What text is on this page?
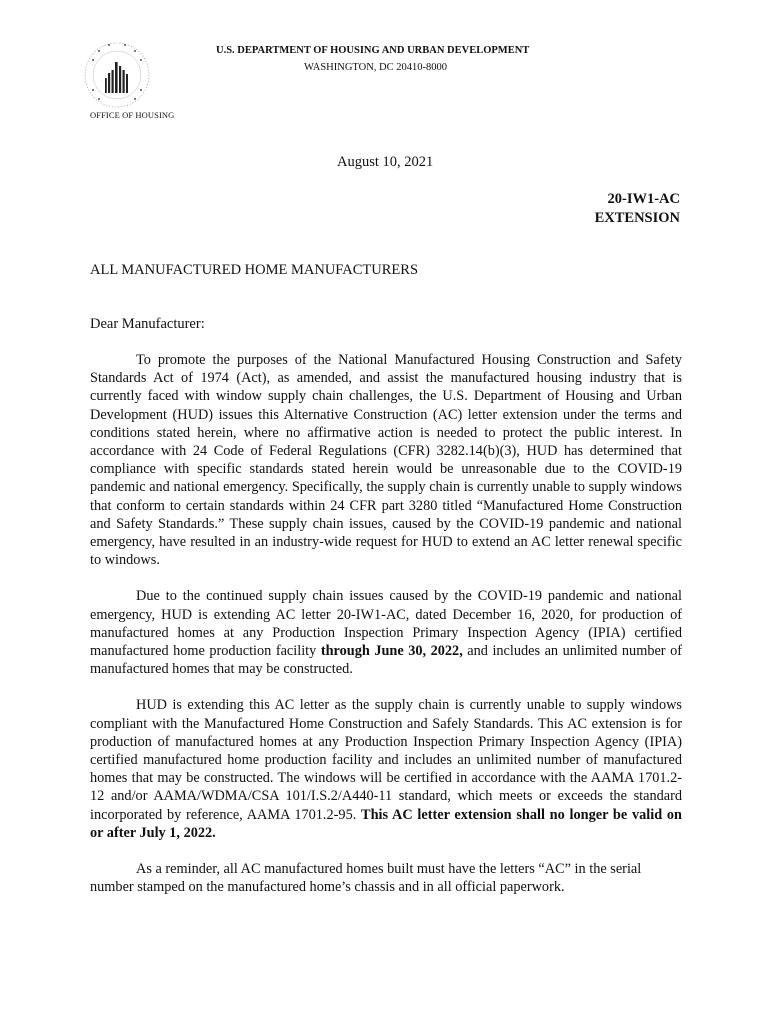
OFFICE OF HOUSING
U.S. DEPARTMENT OF HOUSING AND URBAN DEVELOPMENT
WASHINGTON, DC 20410-8000
August 10, 2021
20-IW1-AC
EXTENSION
ALL MANUFACTURED HOME MANUFACTURERS
Dear Manufacturer:

To promote the purposes of the National Manufactured Housing Construction and Safety Standards Act of 1974 (Act), as amended, and assist the manufactured housing industry that is currently faced with window supply chain challenges, the U.S. Department of Housing and Urban Development (HUD) issues this Alternative Construction (AC) letter extension under the terms and conditions stated herein, where no affirmative action is needed to protect the public interest. In accordance with 24 Code of Federal Regulations (CFR) 3282.14(b)(3), HUD has determined that compliance with specific standards stated herein would be unreasonable due to the COVID-19 pandemic and national emergency. Specifically, the supply chain is currently unable to supply windows that conform to certain standards within 24 CFR part 3280 titled “Manufactured Home Construction and Safety Standards.” These supply chain issues, caused by the COVID-19 pandemic and national emergency, have resulted in an industry-wide request for HUD to extend an AC letter renewal specific to windows.

Due to the continued supply chain issues caused by the COVID-19 pandemic and national emergency, HUD is extending AC letter 20-IW1-AC, dated December 16, 2020, for production of manufactured homes at any Production Inspection Primary Inspection Agency (IPIA) certified manufactured home production facility through June 30, 2022, and includes an unlimited number of manufactured homes that may be constructed.

HUD is extending this AC letter as the supply chain is currently unable to supply windows compliant with the Manufactured Home Construction and Safely Standards. This AC extension is for production of manufactured homes at any Production Inspection Primary Inspection Agency (IPIA) certified manufactured home production facility and includes an unlimited number of manufactured homes that may be constructed. The windows will be certified in accordance with the AAMA 1701.2-12 and/or AAMA/WDMA/CSA 101/I.S.2/A440-11 standard, which meets or exceeds the standard incorporated by reference, AAMA 1701.2-95. This AC letter extension shall no longer be valid on or after July 1, 2022.

As a reminder, all AC manufactured homes built must have the letters “AC” in the serial number stamped on the manufactured home’s chassis and in all official paperwork.
